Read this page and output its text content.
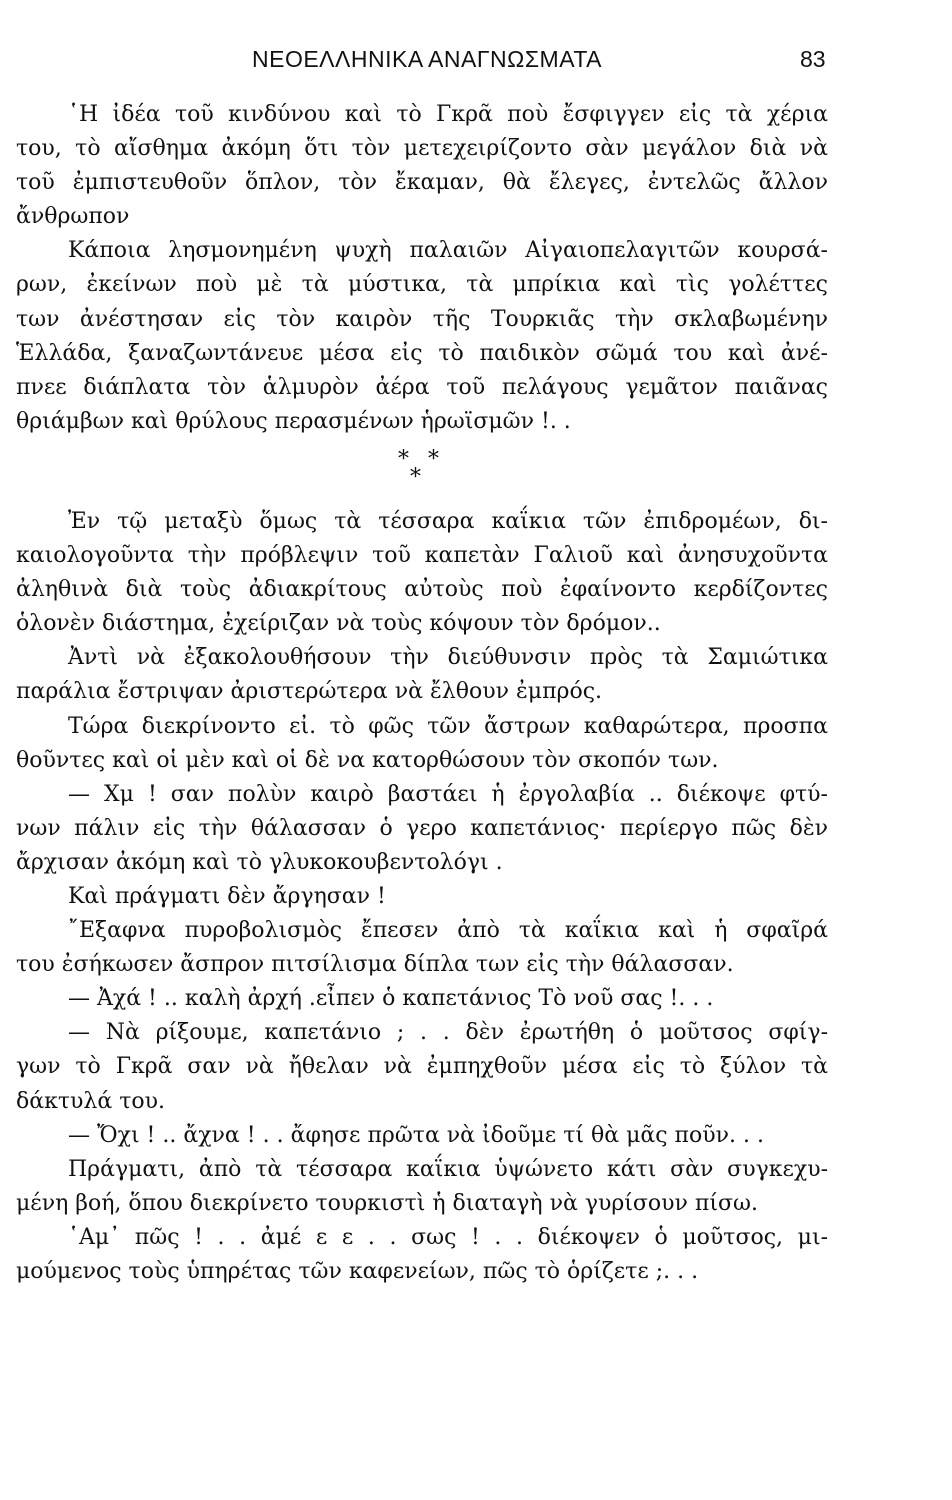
ΝΕΟΕΛΛΗΝΙΚΑ ΑΝΑΓΝΩΣΜΑΤΑ	83
῾Η ἰδέα τοῦ κινδύνου καὶ τὸ Γκρᾶ ποὺ ἔσφιγγεν εἰς τὰ χέρια
του, τὸ αἴσθημα ἀκόμη ὅτι τὸν μετεχειρίζοντο σὰν μεγάλον διὰ νὰ
τοῦ ἐμπιστευθοῦν ὅπλον, τὸν ἔκαμαν, θὰ ἔλεγες, ἐντελῶς ἄλλον
ἄνθρωπον
Κάποια λησμονημένη ψυχὴ παλαιῶν Αἰγαιοπελαγιτῶν κουρσά-
ρων, ἐκείνων ποὺ μὲ τὰ μύστικα, τὰ μπρίκια καὶ τὶς γολέττες
των ἀνέστησαν εἰς τὸν καιρὸν τῆς Τουρκιᾶς τὴν σκλαβωμένην
Ἑλλάδα, ξαναζωντάνευε μέσα εἰς τὸ παιδικὸν σῶμά του καὶ ἀνέ-
πνεε διάπλατα τὸν ἁλμυρὸν ἀέρα τοῦ πελάγους γεμᾶτον παιᾶνας
θριάμβων καὶ θρύλους περασμένων ἡρωϊσμῶν !. .
* *
*
Ἐν τῷ μεταξὺ ὅμως τὰ τέσσαρα καΐκια τῶν ἐπιδρομέων, δι-
καιολογοῦντα τὴν πρόβλεψιν τοῦ καπετὰν Γαλιοῦ καὶ ἀνησυχοῦντα
ἀληθινὰ διὰ τοὺς ἀδιακρίτους αὐτοὺς ποὺ ἐφαίνοντο κερδίζοντες
ὁλονὲν διάστημα, ἐχείριζαν νὰ τοὺς κόψουν τὸν δρόμον..
Ἀντὶ νὰ ἐξακολουθήσουν τὴν διεύθυνσιν πρὸς τὰ Σαμιώτικα
παράλια ἔστριψαν ἀριστερώτερα νὰ ἔλθουν ἐμπρός.
Τώρα διεκρίνοντο εἰ. τὸ φῶς τῶν ἄστρων καθαρώτερα, προσπα
θοῦντες καὶ οἱ μὲν καὶ οἱ δὲ να κατορθώσουν τὸν σκοπόν των.
— Χμ ! σαν πολὺν καιρὸ βαστάει ἡ ἐργολαβία .. διέκοψε φτύ-
νων πάλιν εἰς τὴν θάλασσαν ὁ γερο καπετάνιος· περίεργο πῶς δὲν
ἄρχισαν ἀκόμη καὶ τὸ γλυκοκουβεντολόγι .
Καὶ πράγματι δὲν ἄργησαν !
῎Εξαφνα πυροβολισμὸς ἔπεσεν ἀπὸ τὰ καΐκια καὶ ἡ σφαῖρά
του ἐσήκωσεν ἄσπρον πιτσίλισμα δίπλα των εἰς τὴν θάλασσαν.
— Ἀχά ! .. καλὴ ἀρχή .εἶπεν ὁ καπετάνιος Τὸ νοῦ σας !. . .
— Νὰ ρίξουμε, καπετάνιο ; . . δὲν ἐρωτήθη ὁ μοῦτσος σφίγ-
γων τὸ Γκρᾶ σαν νὰ ἤθελαν νὰ ἐμπηχθοῦν μέσα εἰς τὸ ξύλον τὰ
δάκτυλά του.
— Ὄχι ! .. ἄχνα ! . . ἄφησε πρῶτα νὰ ἰδοῦμε τί θὰ μᾶς ποῦν. . .
Πράγματι, ἀπὸ τὰ τέσσαρα καΐκια ὑψώνετο κάτι σὰν συγκεχυ-
μένη βοή, ὅπου διεκρίνετο τουρκιστὶ ἡ διαταγὴ νὰ γυρίσουν πίσω.
῾Αμ᾽ πῶς ! . . ἀμέ ε ε . . σως ! . . διέκοψεν ὁ μοῦτσος, μι-
μούμενος τοὺς ὑπηρέτας τῶν καφενείων, πῶς τὸ ὁρίζετε ;. . .
